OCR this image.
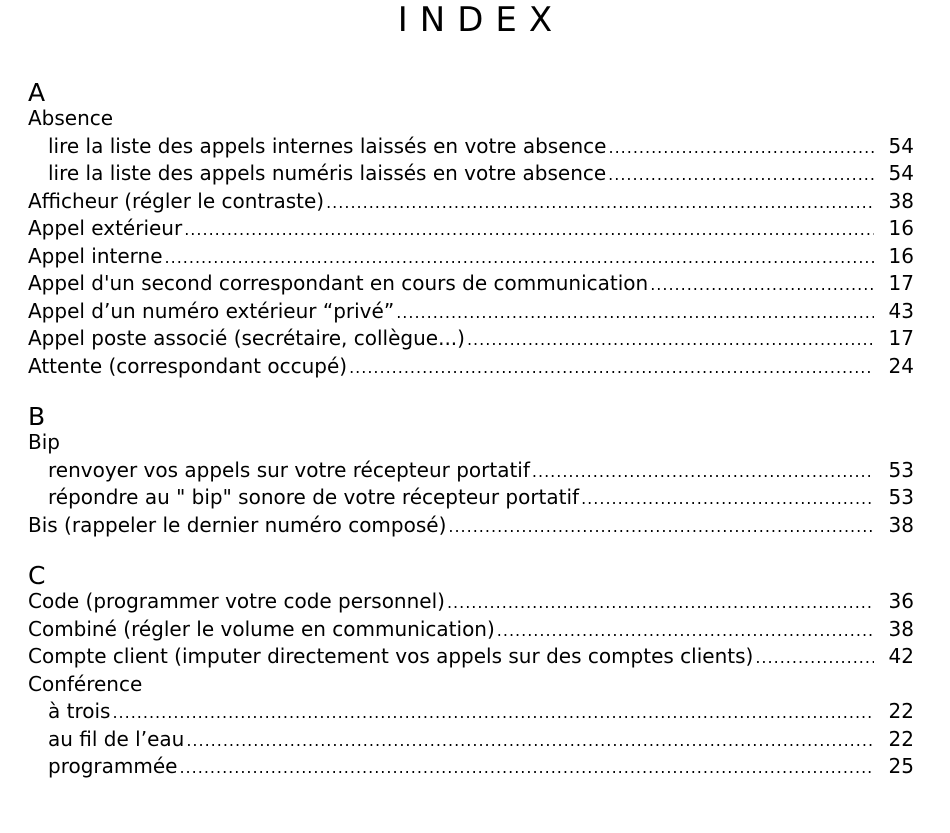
INDEX
A
Absence
lire la liste des appels internes laissés en votre absence .....	54
lire la liste des appels numéris laissés en votre absence .....	54
Afficheur (régler le contraste) .....	38
Appel extérieur .....	16
Appel interne .....	16
Appel d'un second correspondant en cours de communication .....	17
Appel d’un numéro extérieur “privé” .....	43
Appel poste associé (secrétaire, collègue...) .....	17
Attente (correspondant occupé) .....	24
B
Bip
renvoyer vos appels sur votre récepteur portatif .....	53
répondre au " bip" sonore de votre récepteur portatif .....	53
Bis (rappeler le dernier numéro composé) .....	38
C
Code (programmer votre code personnel) .....	36
Combiné (régler le volume en communication) .....	38
Compte client (imputer directement vos appels sur des comptes clients) .....	42
Conférence
à trois .....	22
au fil de l’eau .....	22
programmée .....	25
